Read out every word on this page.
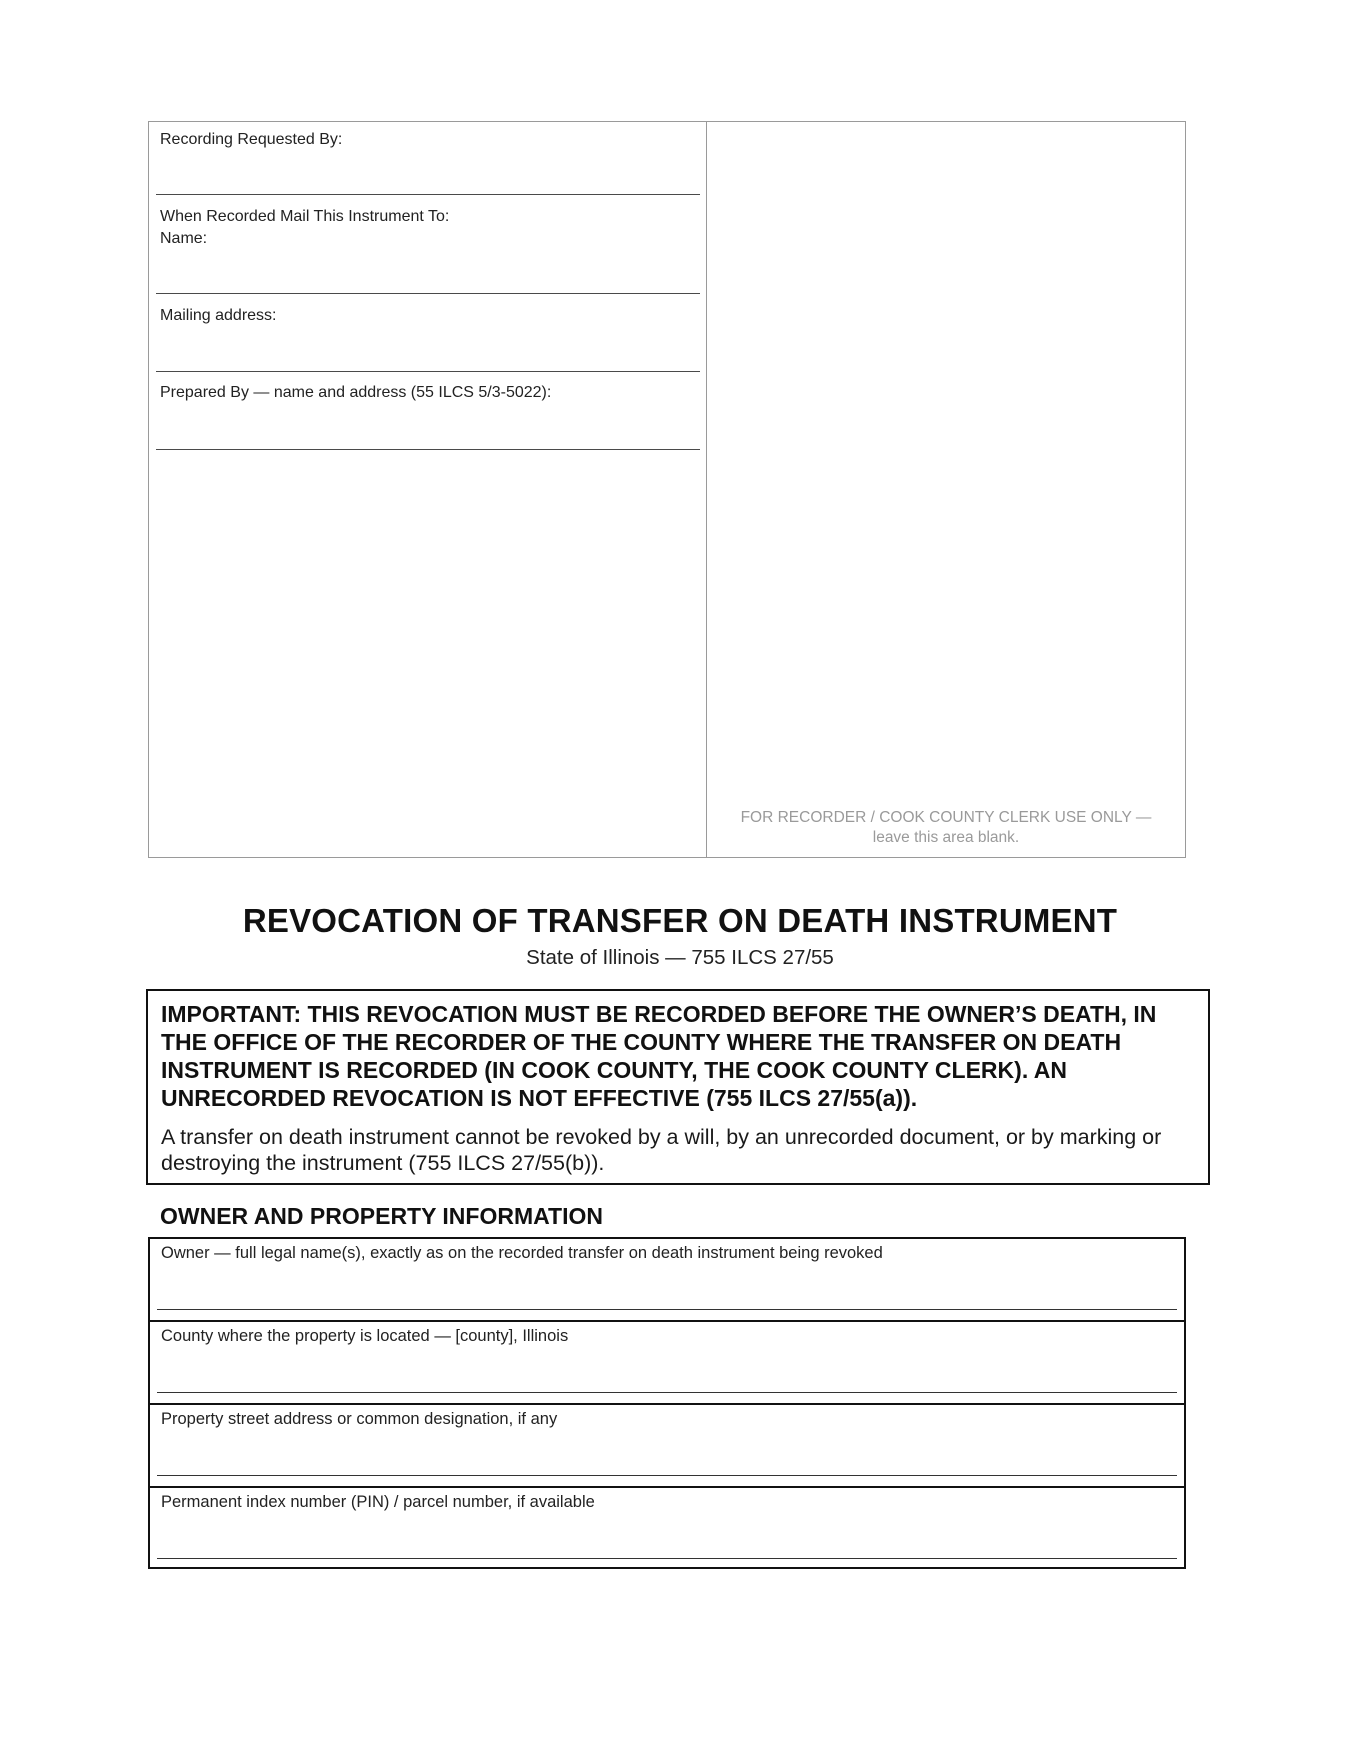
Recording Requested By:
When Recorded Mail This Instrument To:
Name:
Mailing address:
Prepared By — name and address (55 ILCS 5/3-5022):
FOR RECORDER / COOK COUNTY CLERK USE ONLY —
leave this area blank.
REVOCATION OF TRANSFER ON DEATH INSTRUMENT
State of Illinois — 755 ILCS 27/55

IMPORTANT: THIS REVOCATION MUST BE RECORDED BEFORE THE OWNER’S DEATH, IN THE OFFICE OF THE RECORDER OF THE COUNTY WHERE THE TRANSFER ON DEATH INSTRUMENT IS RECORDED (IN COOK COUNTY, THE COOK COUNTY CLERK). AN UNRECORDED REVOCATION IS NOT EFFECTIVE (755 ILCS 27/55(a)).

A transfer on death instrument cannot be revoked by a will, by an unrecorded document, or by marking or destroying the instrument (755 ILCS 27/55(b)).

OWNER AND PROPERTY INFORMATION
Owner — full legal name(s), exactly as on the recorded transfer on death instrument being revoked
County where the property is located — [county], Illinois
Property street address or common designation, if any
Permanent index number (PIN) / parcel number, if available
